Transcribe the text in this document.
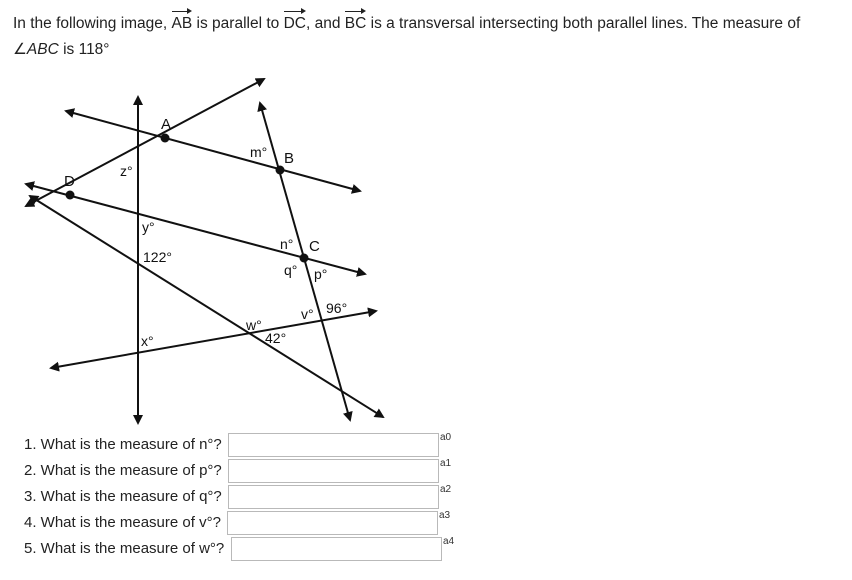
In the following image, AB is parallel to DC, and BC is a transversal intersecting both parallel lines. The measure of
∠ABC is 118°

A
B
C
D
m°
z°
y°
122°
n°
q° p°
v° 96°
w°
42°
x°
1. What is the measure of n°?	a0
2. What is the measure of p°?	a1
3. What is the measure of q°?	a2
4. What is the measure of v°?	a3
5. What is the measure of w°?	a4
